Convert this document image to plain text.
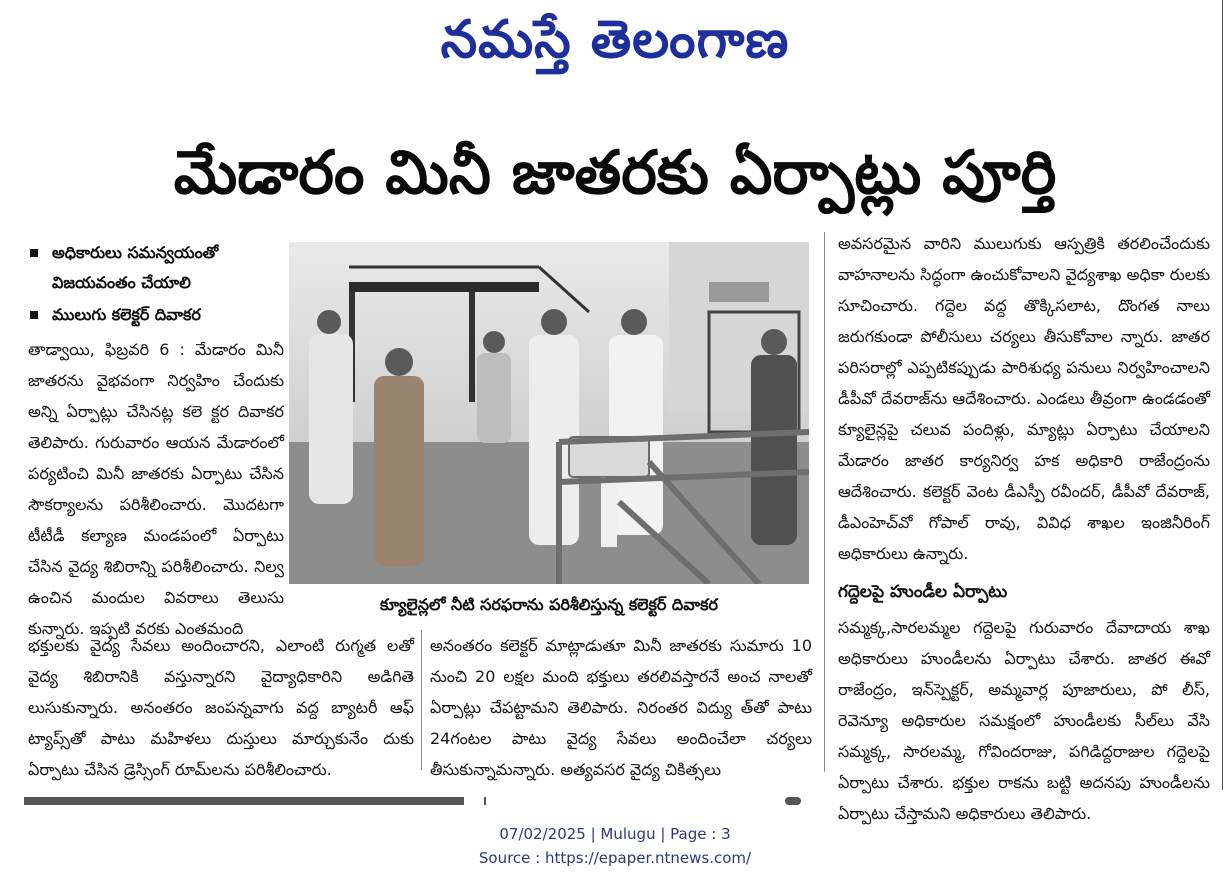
నమస్తే తెలంగాణ
మేడారం మినీ జాతరకు ఏర్పాట్లు పూర్తి
అధికారులు సమన్వయంతో విజయవంతం చేయాలి
ములుగు కలెక్టర్‌ దివాకర

తాడ్వాయి, ఫిబ్రవరి 6 : మేడారం మినీ జాతరను వైభవంగా నిర్వహిం చేందుకు అన్ని ఏర్పాట్లు చేసినట్ల కలె క్టర దివాకర తెలిపారు. గురువారం ఆయన మేడారంలో పర్యటించి మినీ జాతరకు ఏర్పాటు చేసిన సౌకర్యాలను పరిశీలించారు. మొదటగా టీటీడీ కల్యాణ మండపంలో ఏర్పాటు చేసిన వైద్య శిబిరాన్ని పరిశీలించారు. నిల్వ ఉంచిన మందుల వివరాలు తెలుసు కున్నారు. ఇప్పటి వరకు ఎంతమంది

భక్తులకు వైద్య సేవలు అందించారని, ఎలాంటి రుగ్మత లతో వైద్య శిబిరానికి వస్తున్నారని వైద్యాధికారిని అడిగితె లుసుకున్నారు. అనంతరం జంపన్నవాగు వద్ద బ్యాటరీ ఆఫ్‌ ట్యాప్స్‌తో పాటు మహిళలు దుస్తులు మార్చుకునేం దుకు ఏర్పాటు చేసిన డ్రెస్సింగ్‌ రూమ్‌లను పరిశీలించారు.

అనంతరం కలెక్టర్‌ మాట్లాడుతూ మినీ జాతరకు సుమారు 10 నుంచి 20 లక్షల మంది భక్తులు తరలివస్తారనే అంచ నాలతో ఏర్పాట్లు చేపట్టామని తెలిపారు. నిరంతర విద్యు త్‌తో పాటు 24గంటల పాటు వైద్య సేవలు అందించేలా చర్యలు తీసుకున్నామన్నారు. అత్యవసర వైద్య చికిత్సలు

అవసరమైన వారిని ములుగుకు ఆస్పత్రికి తరలించేందుకు వాహనాలను సిద్ధంగా ఉంచుకోవాలని వైద్యశాఖ అధికా రులకు సూచించారు. గద్దెల వద్ద తొక్కిసలాట, దొంగత నాలు జరుగకుండా పోలీసులు చర్యలు తీసుకోవాల న్నారు. జాతర పరిసరాల్లో ఎప్పటికప్పుడు పారిశుధ్య పనులు నిర్వహించాలని డీపీవో దేవరాజ్‌ను ఆదేశించారు. ఎండలు తీవ్రంగా ఉండడంతో క్యూలైన్లపై చలువ పందిళ్లు, మ్యాట్లు ఏర్పాటు చేయాలని మేడారం జాతర కార్యనిర్వ హక అధికారి రాజేంద్రంను ఆదేశించారు. కలెక్టర్‌ వెంట డీఎస్పీ రవీందర్‌, డీపీవో దేవరాజ్‌, డీఎంహెచ్‌వో గోపాల్‌ రావు, వివిధ శాఖల ఇంజినీరింగ్‌ అధికారులు ఉన్నారు.

గద్దెలపై హుండీల ఏర్పాటు

సమ్మక్క,సారలమ్మల గద్దెలపై గురువారం దేవాదాయ శాఖ అధికారులు హుండీలను ఏర్పాటు చేశారు. జాతర ఈవో రాజేంద్రం, ఇన్‌స్పెక్టర్‌, అమ్మవార్ల పూజారులు, పో లీస్‌, రెవెన్యూ అధికారుల సమక్షంలో హుండీలకు సీల్‌లు వేసి సమ్మక్క, సారలమ్మ, గోవిందరాజు, పగిడిద్దరాజుల గద్దెలపై ఏర్పాటు చేశారు. భక్తుల రాకను బట్టి అదనపు హుండీలను ఏర్పాటు చేస్తామని అధికారులు తెలిపారు.

క్యూలైన్లలో నీటి సరఫరాను పరిశీలిస్తున్న కలెక్టర్‌ దివాకర
07/02/2025 | Mulugu | Page : 3
Source : https://epaper.ntnews.com/
